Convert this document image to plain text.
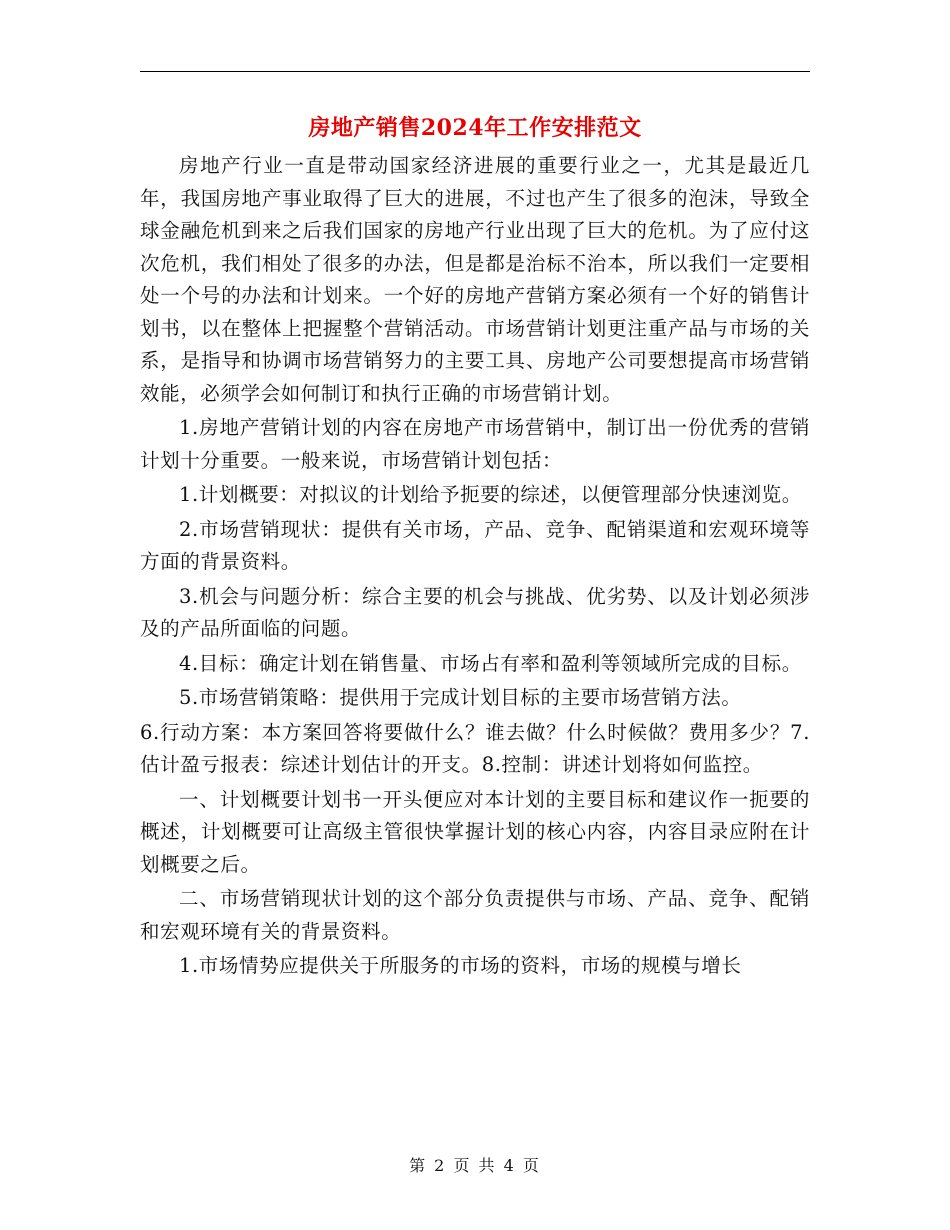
房地产销售2024年工作安排范文

房地产行业一直是带动国家经济进展的重要行业之一，尤其是最近几年，我国房地产事业取得了巨大的进展，不过也产生了很多的泡沫，导致全球金融危机到来之后我们国家的房地产行业出现了巨大的危机。为了应付这次危机，我们相处了很多的办法，但是都是治标不治本，所以我们一定要相处一个号的办法和计划来。一个好的房地产营销方案必须有一个好的销售计划书，以在整体上把握整个营销活动。市场营销计划更注重产品与市场的关系，是指导和协调市场营销努力的主要工具、房地产公司要想提高市场营销效能，必须学会如何制订和执行正确的市场营销计划。

1.房地产营销计划的内容在房地产市场营销中，制订出一份优秀的营销计划十分重要。一般来说，市场营销计划包括：

1.计划概要：对拟议的计划给予扼要的综述，以便管理部分快速浏览。

2.市场营销现状：提供有关市场，产品、竞争、配销渠道和宏观环境等方面的背景资料。

3.机会与问题分析：综合主要的机会与挑战、优劣势、以及计划必须涉及的产品所面临的问题。

4.目标：确定计划在销售量、市场占有率和盈利等领域所完成的目标。

5.市场营销策略：提供用于完成计划目标的主要市场营销方法。

6.行动方案：本方案回答将要做什么？谁去做？什么时候做？费用多少？7.估计盈亏报表：综述计划估计的开支。8.控制：讲述计划将如何监控。

一、计划概要计划书一开头便应对本计划的主要目标和建议作一扼要的概述，计划概要可让高级主管很快掌握计划的核心内容，内容目录应附在计划概要之后。

二、市场营销现状计划的这个部分负责提供与市场、产品、竞争、配销和宏观环境有关的背景资料。

1.市场情势应提供关于所服务的市场的资料，市场的规模与增长

第 2 页 共 4 页
